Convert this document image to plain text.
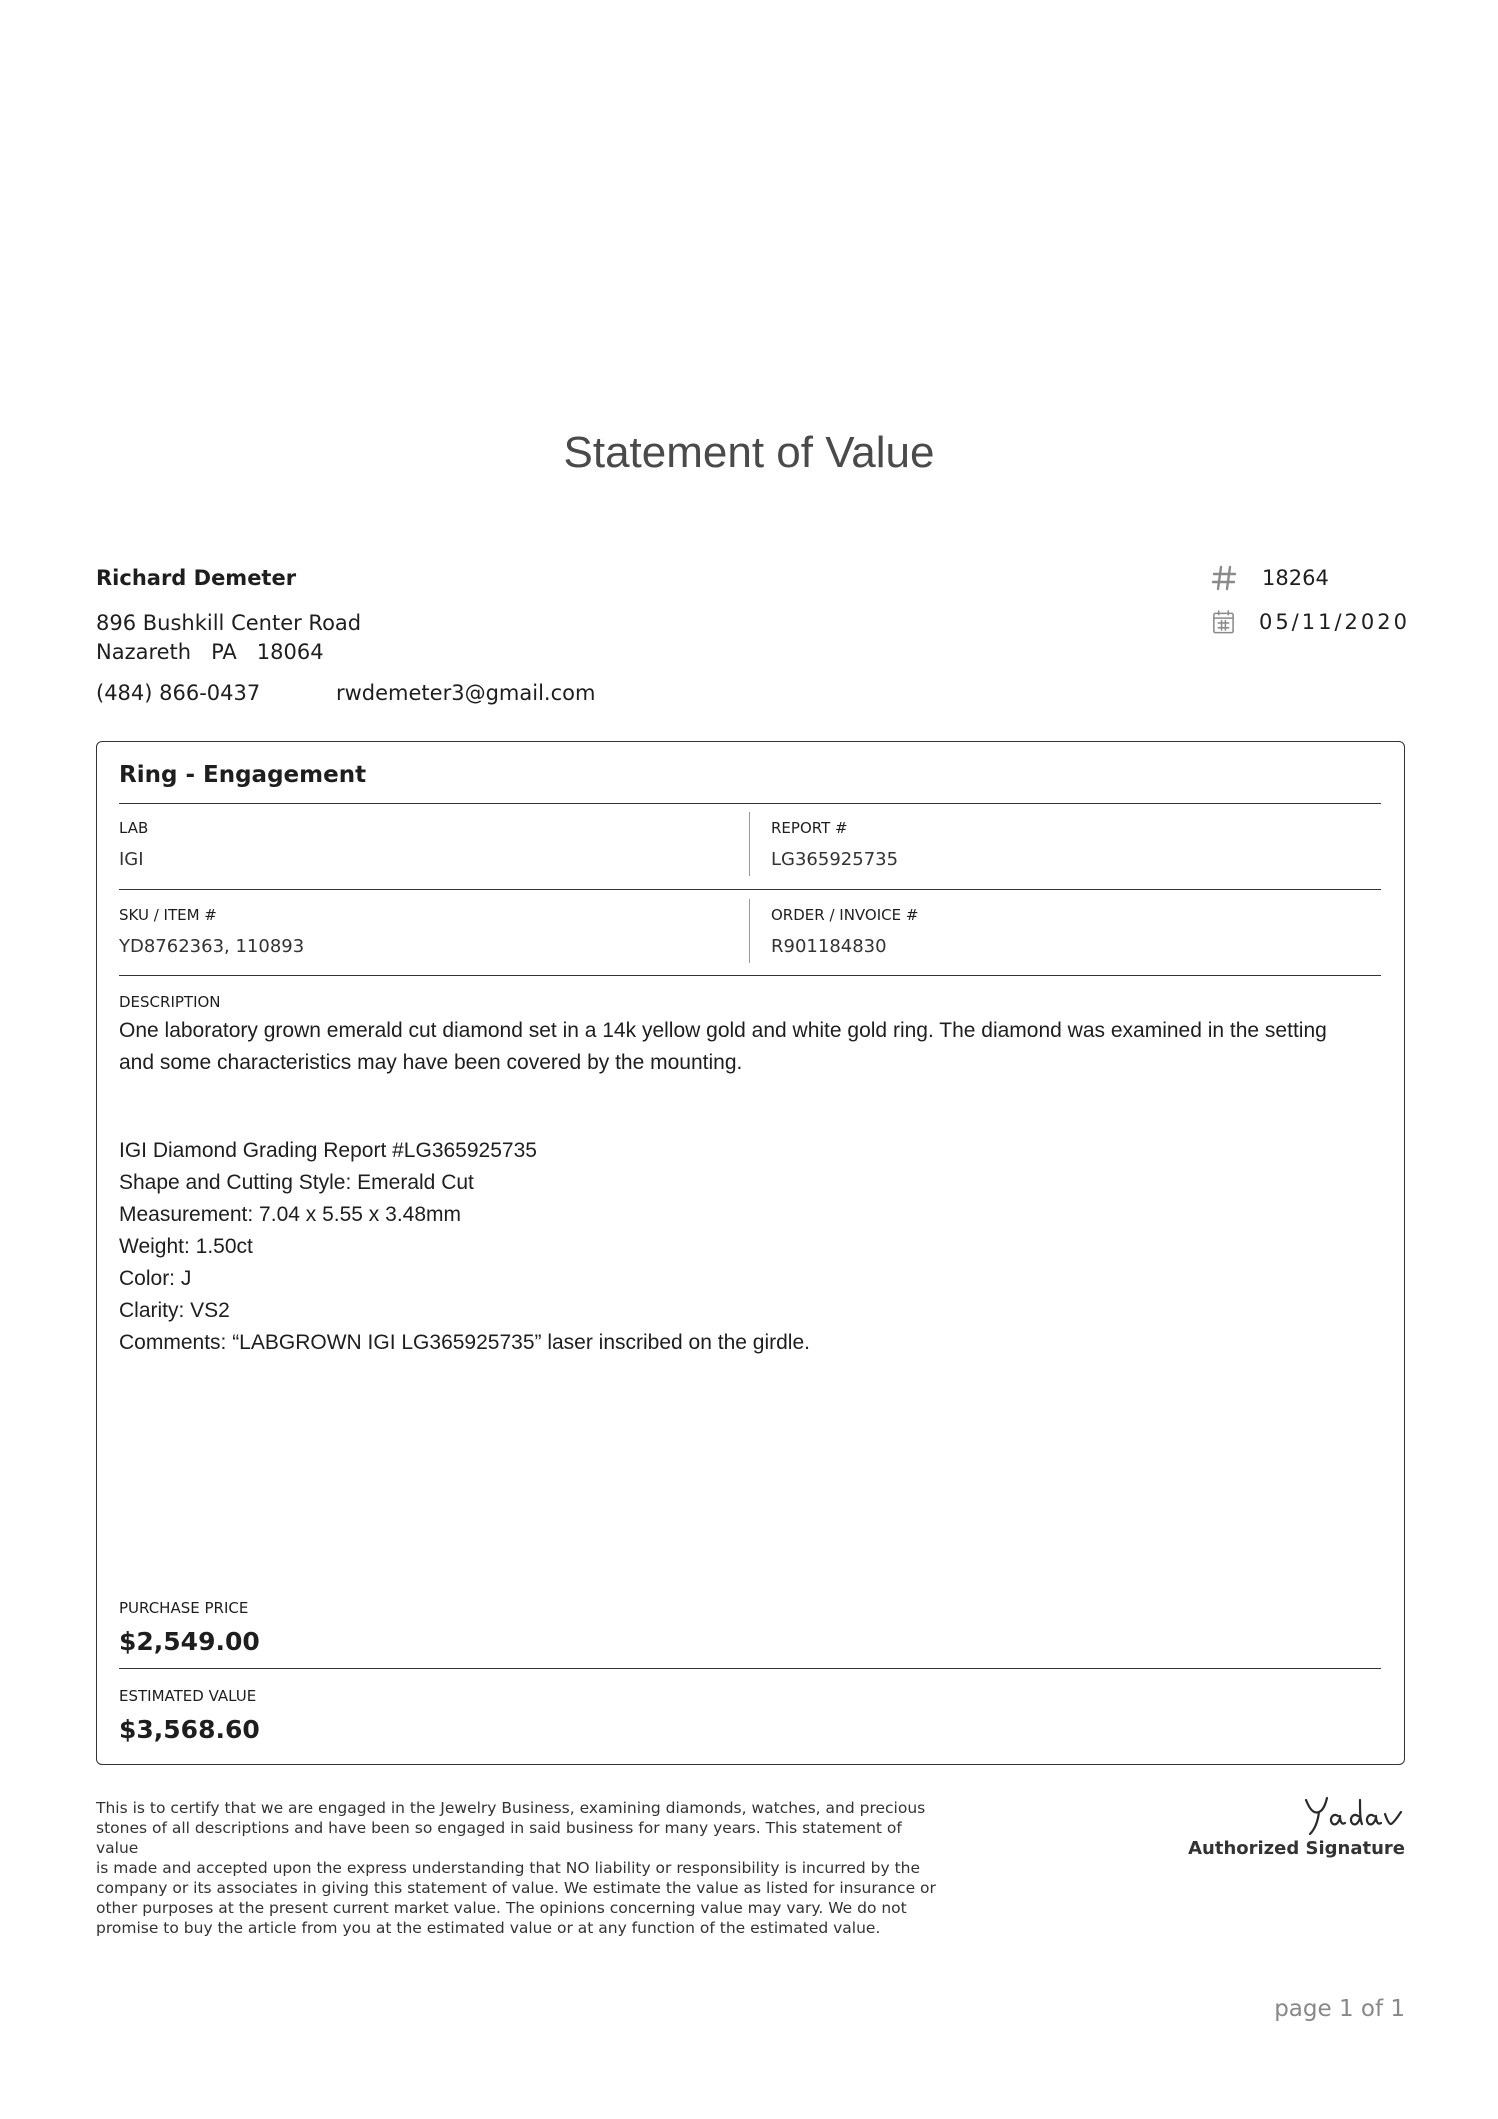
Statement of Value
Richard Demeter
896 Bushkill Center Road
Nazareth PA 18064
(484) 866-0437	rwdemeter3@gmail.com
18264
05/11/2020
Ring - Engagement
LAB
IGI
REPORT #
LG365925735
SKU / ITEM #
YD8762363, 110893
ORDER / INVOICE #
R901184830
DESCRIPTION
One laboratory grown emerald cut diamond set in a 14k yellow gold and white gold ring. The diamond was examined in the setting
and some characteristics may have been covered by the mounting.
IGI Diamond Grading Report #LG365925735
Shape and Cutting Style: Emerald Cut
Measurement: 7.04 x 5.55 x 3.48mm
Weight: 1.50ct
Color: J
Clarity: VS2
Comments: “LABGROWN IGI LG365925735” laser inscribed on the girdle.
PURCHASE PRICE
$2,549.00
ESTIMATED VALUE
$3,568.60
This is to certify that we are engaged in the Jewelry Business, examining diamonds, watches, and precious
stones of all descriptions and have been so engaged in said business for many years. This statement of value
is made and accepted upon the express understanding that NO liability or responsibility is incurred by the
company or its associates in giving this statement of value. We estimate the value as listed for insurance or
other purposes at the present current market value. The opinions concerning value may vary. We do not
promise to buy the article from you at the estimated value or at any function of the estimated value.
Authorized Signature
page 1 of 1
